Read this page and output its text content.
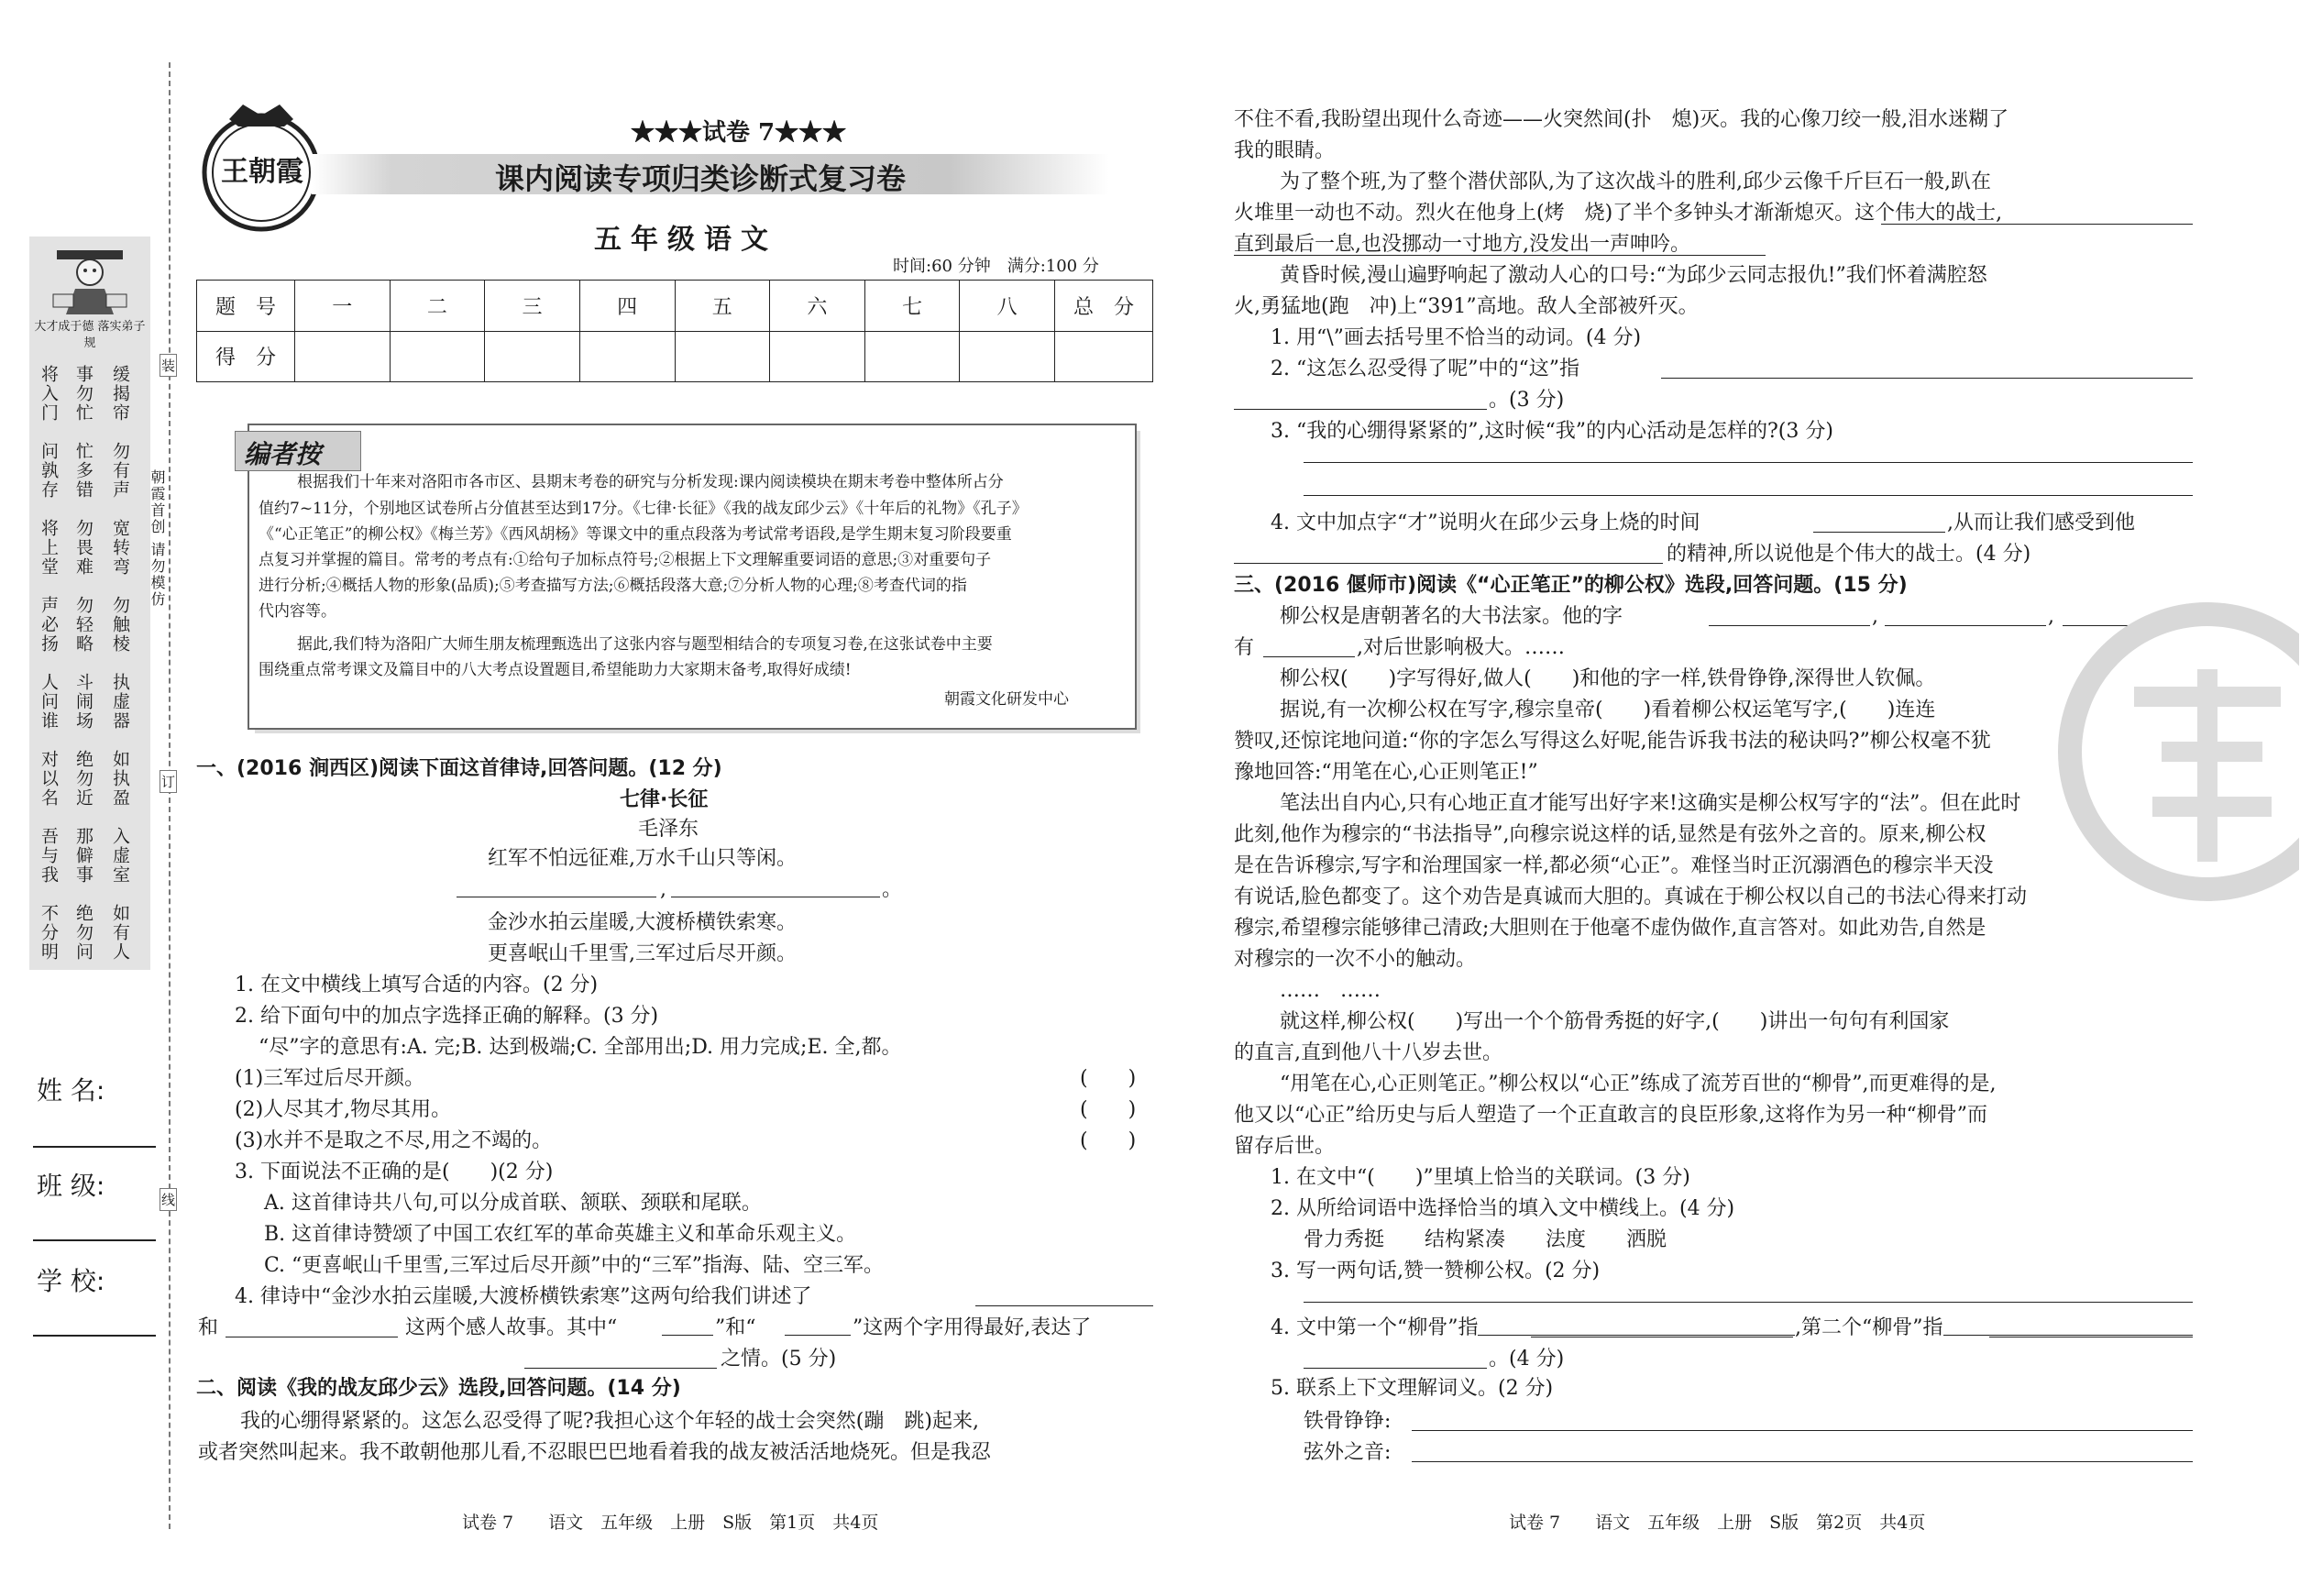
大才成于德 落实弟子规
将入门 事勿忙 缓揭帘
问孰存 忙多错 勿有声
将上堂 勿畏难 宽转弯
声必扬 勿轻略 勿触棱
人问谁 斗闹场 执虚器
对以名 绝勿近 如执盈
吾与我 那僻事 入虚室
不分明 绝勿问 如有人
朝霞首创 请勿模仿
装
订
线
姓 名:
班 级:
学 校:
王朝霞
★★★试卷 7★★★
课内阅读专项归类诊断式复习卷
五年级语文
时间:60 分钟　满分:100 分
题　号	一	二	三	四	五	六	七	八	总　分
得　分									
编者按
根据我们十年来对洛阳市各市区、县期末考卷的研究与分析发现:课内阅读模块在期末考卷中整体所占分
值约7~11分，个别地区试卷所占分值甚至达到17分。《七律·长征》《我的战友邱少云》《十年后的礼物》《孔子》
《“心正笔正”的柳公权》《梅兰芳》《西风胡杨》等课文中的重点段落为考试常考语段,是学生期末复习阶段要重
点复习并掌握的篇目。常考的考点有:①给句子加标点符号;②根据上下文理解重要词语的意思;③对重要句子
进行分析;④概括人物的形象(品质);⑤考查描写方法;⑥概括段落大意;⑦分析人物的心理;⑧考查代词的指
代内容等。
据此,我们特为洛阳广大师生朋友梳理甄选出了这张内容与题型相结合的专项复习卷,在这张试卷中主要
围绕重点常考课文及篇目中的八大考点设置题目,希望能助力大家期末备考,取得好成绩!
朝霞文化研发中心
一、(2016 涧西区)阅读下面这首律诗,回答问题。(12 分)
七律·长征
毛泽东
红军不怕远征难,万水千山只等闲。
,	。
金沙水拍云崖暖,大渡桥横铁索寒。
更喜岷山千里雪,三军过后尽开颜。
1. 在文中横线上填写合适的内容。(2 分)
2. 给下面句中的加点字选择正确的解释。(3 分)
“尽”字的意思有:A. 完;B. 达到极端;C. 全部用出;D. 用力完成;E. 全,都。
(1)三军过后尽开颜。	(　　)
(2)人尽其才,物尽其用。	(　　)
(3)水并不是取之不尽,用之不竭的。	(　　)
3. 下面说法不正确的是(　　)(2 分)
A. 这首律诗共八句,可以分成首联、颔联、颈联和尾联。
B. 这首律诗赞颂了中国工农红军的革命英雄主义和革命乐观主义。
C. “更喜岷山千里雪,三军过后尽开颜”中的“三军”指海、陆、空三军。
4. 律诗中“金沙水拍云崖暖,大渡桥横铁索寒”这两句给我们讲述了
和	这两个感人故事。其中“	”和“	”这两个字用得最好,表达了
之情。(5 分)
二、阅读《我的战友邱少云》选段,回答问题。(14 分)
我的心绷得紧紧的。这怎么忍受得了呢?我担心这个年轻的战士会突然(蹦　跳)起来,
或者突然叫起来。我不敢朝他那儿看,不忍眼巴巴地看着我的战友被活活地烧死。但是我忍
试卷 7　　语文　五年级　上册　S版　第1页　共4页
不住不看,我盼望出现什么奇迹——火突然间(扑　熄)灭。我的心像刀绞一般,泪水迷糊了
我的眼睛。
为了整个班,为了整个潜伏部队,为了这次战斗的胜利,邱少云像千斤巨石一般,趴在
火堆里一动也不动。烈火在他身上(烤　烧)了半个多钟头才渐渐熄灭。这个伟大的战士,
直到最后一息,也没挪动一寸地方,没发出一声呻吟。
黄昏时候,漫山遍野响起了激动人心的口号:“为邱少云同志报仇!”我们怀着满腔怒
火,勇猛地(跑　冲)上“391”高地。敌人全部被歼灭。
1. 用“\”画去括号里不恰当的动词。(4 分)
2. “这怎么忍受得了呢”中的“这”指
。(3 分)
3. “我的心绷得紧紧的”,这时候“我”的内心活动是怎样的?(3 分)
4. 文中加点字“才”说明火在邱少云身上烧的时间	,从而让我们感受到他
的精神,所以说他是个伟大的战士。(4 分)
三、(2016 偃师市)阅读《“心正笔正”的柳公权》选段,回答问题。(15 分)
柳公权是唐朝著名的大书法家。他的字	,	,	而
有	,对后世影响极大。……
柳公权(　　)字写得好,做人(　　)和他的字一样,铁骨铮铮,深得世人钦佩。
据说,有一次柳公权在写字,穆宗皇帝(　　)看着柳公权运笔写字,(　　)连连
赞叹,还惊诧地问道:“你的字怎么写得这么好呢,能告诉我书法的秘诀吗?”柳公权毫不犹
豫地回答:“用笔在心,心正则笔正!”
笔法出自内心,只有心地正直才能写出好字来!这确实是柳公权写字的“法”。但在此时
此刻,他作为穆宗的“书法指导”,向穆宗说这样的话,显然是有弦外之音的。原来,柳公权
是在告诉穆宗,写字和治理国家一样,都必须“心正”。难怪当时正沉溺酒色的穆宗半天没
有说话,脸色都变了。这个劝告是真诚而大胆的。真诚在于柳公权以自己的书法心得来打动
穆宗,希望穆宗能够律己清政;大胆则在于他毫不虚伪做作,直言答对。如此劝告,自然是
对穆宗的一次不小的触动。
……　……
就这样,柳公权(　　)写出一个个筋骨秀挺的好字,(　　)讲出一句句有利国家
的直言,直到他八十八岁去世。
“用笔在心,心正则笔正。”柳公权以“心正”练成了流芳百世的“柳骨”,而更难得的是,
他又以“心正”给历史与后人塑造了一个正直敢言的良臣形象,这将作为另一种“柳骨”而
留存后世。
1. 在文中“(　　)”里填上恰当的关联词。(3 分)
2. 从所给词语中选择恰当的填入文中横线上。(4 分)
骨力秀挺　　结构紧凑　　法度　　洒脱
3. 写一两句话,赞一赞柳公权。(2 分)
4. 文中第一个“柳骨”指	,第二个“柳骨”指
。(4 分)
5. 联系上下文理解词义。(2 分)
铁骨铮铮:
弦外之音:
试卷 7　　语文　五年级　上册　S版　第2页　共4页
